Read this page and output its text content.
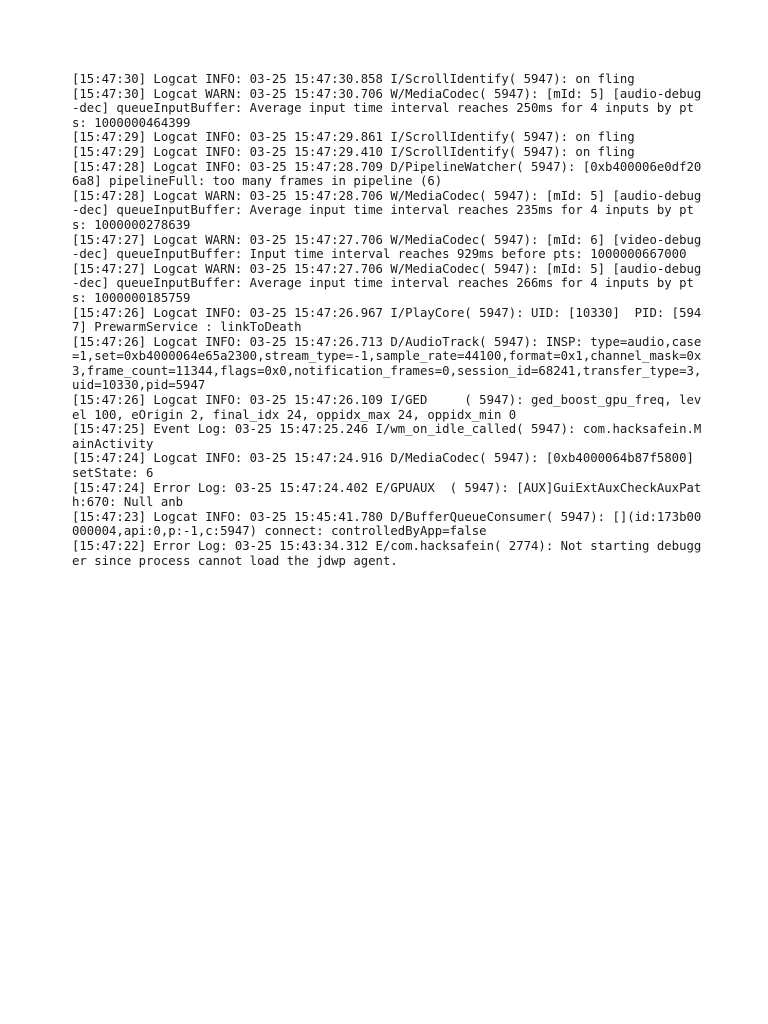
[15:47:30] Logcat INFO: 03-25 15:47:30.858 I/ScrollIdentify( 5947): on fling
[15:47:30] Logcat WARN: 03-25 15:47:30.706 W/MediaCodec( 5947): [mId: 5] [audio-debug-dec] queueInputBuffer: Average input time interval reaches 250ms for 4 inputs by pts: 1000000464399
[15:47:29] Logcat INFO: 03-25 15:47:29.861 I/ScrollIdentify( 5947): on fling
[15:47:29] Logcat INFO: 03-25 15:47:29.410 I/ScrollIdentify( 5947): on fling
[15:47:28] Logcat INFO: 03-25 15:47:28.709 D/PipelineWatcher( 5947): [0xb400006e0df206a8] pipelineFull: too many frames in pipeline (6)
[15:47:28] Logcat WARN: 03-25 15:47:28.706 W/MediaCodec( 5947): [mId: 5] [audio-debug-dec] queueInputBuffer: Average input time interval reaches 235ms for 4 inputs by pts: 1000000278639
[15:47:27] Logcat WARN: 03-25 15:47:27.706 W/MediaCodec( 5947): [mId: 6] [video-debug-dec] queueInputBuffer: Input time interval reaches 929ms before pts: 1000000667000
[15:47:27] Logcat WARN: 03-25 15:47:27.706 W/MediaCodec( 5947): [mId: 5] [audio-debug-dec] queueInputBuffer: Average input time interval reaches 266ms for 4 inputs by pts: 1000000185759
[15:47:26] Logcat INFO: 03-25 15:47:26.967 I/PlayCore( 5947): UID: [10330]  PID: [5947] PrewarmService : linkToDeath
[15:47:26] Logcat INFO: 03-25 15:47:26.713 D/AudioTrack( 5947): INSP: type=audio,case=1,set=0xb4000064e65a2300,stream_type=-1,sample_rate=44100,format=0x1,channel_mask=0x3,frame_count=11344,flags=0x0,notification_frames=0,session_id=68241,transfer_type=3,uid=10330,pid=5947
[15:47:26] Logcat INFO: 03-25 15:47:26.109 I/GED     ( 5947): ged_boost_gpu_freq, level 100, eOrigin 2, final_idx 24, oppidx_max 24, oppidx_min 0
[15:47:25] Event Log: 03-25 15:47:25.246 I/wm_on_idle_called( 5947): com.hacksafein.MainActivity
[15:47:24] Logcat INFO: 03-25 15:47:24.916 D/MediaCodec( 5947): [0xb4000064b87f5800] setState: 6
[15:47:24] Error Log: 03-25 15:47:24.402 E/GPUAUX  ( 5947): [AUX]GuiExtAuxCheckAuxPath:670: Null anb
[15:47:23] Logcat INFO: 03-25 15:45:41.780 D/BufferQueueConsumer( 5947): [](id:173b00000004,api:0,p:-1,c:5947) connect: controlledByApp=false
[15:47:22] Error Log: 03-25 15:43:34.312 E/com.hacksafein( 2774): Not starting debugger since process cannot load the jdwp agent.
